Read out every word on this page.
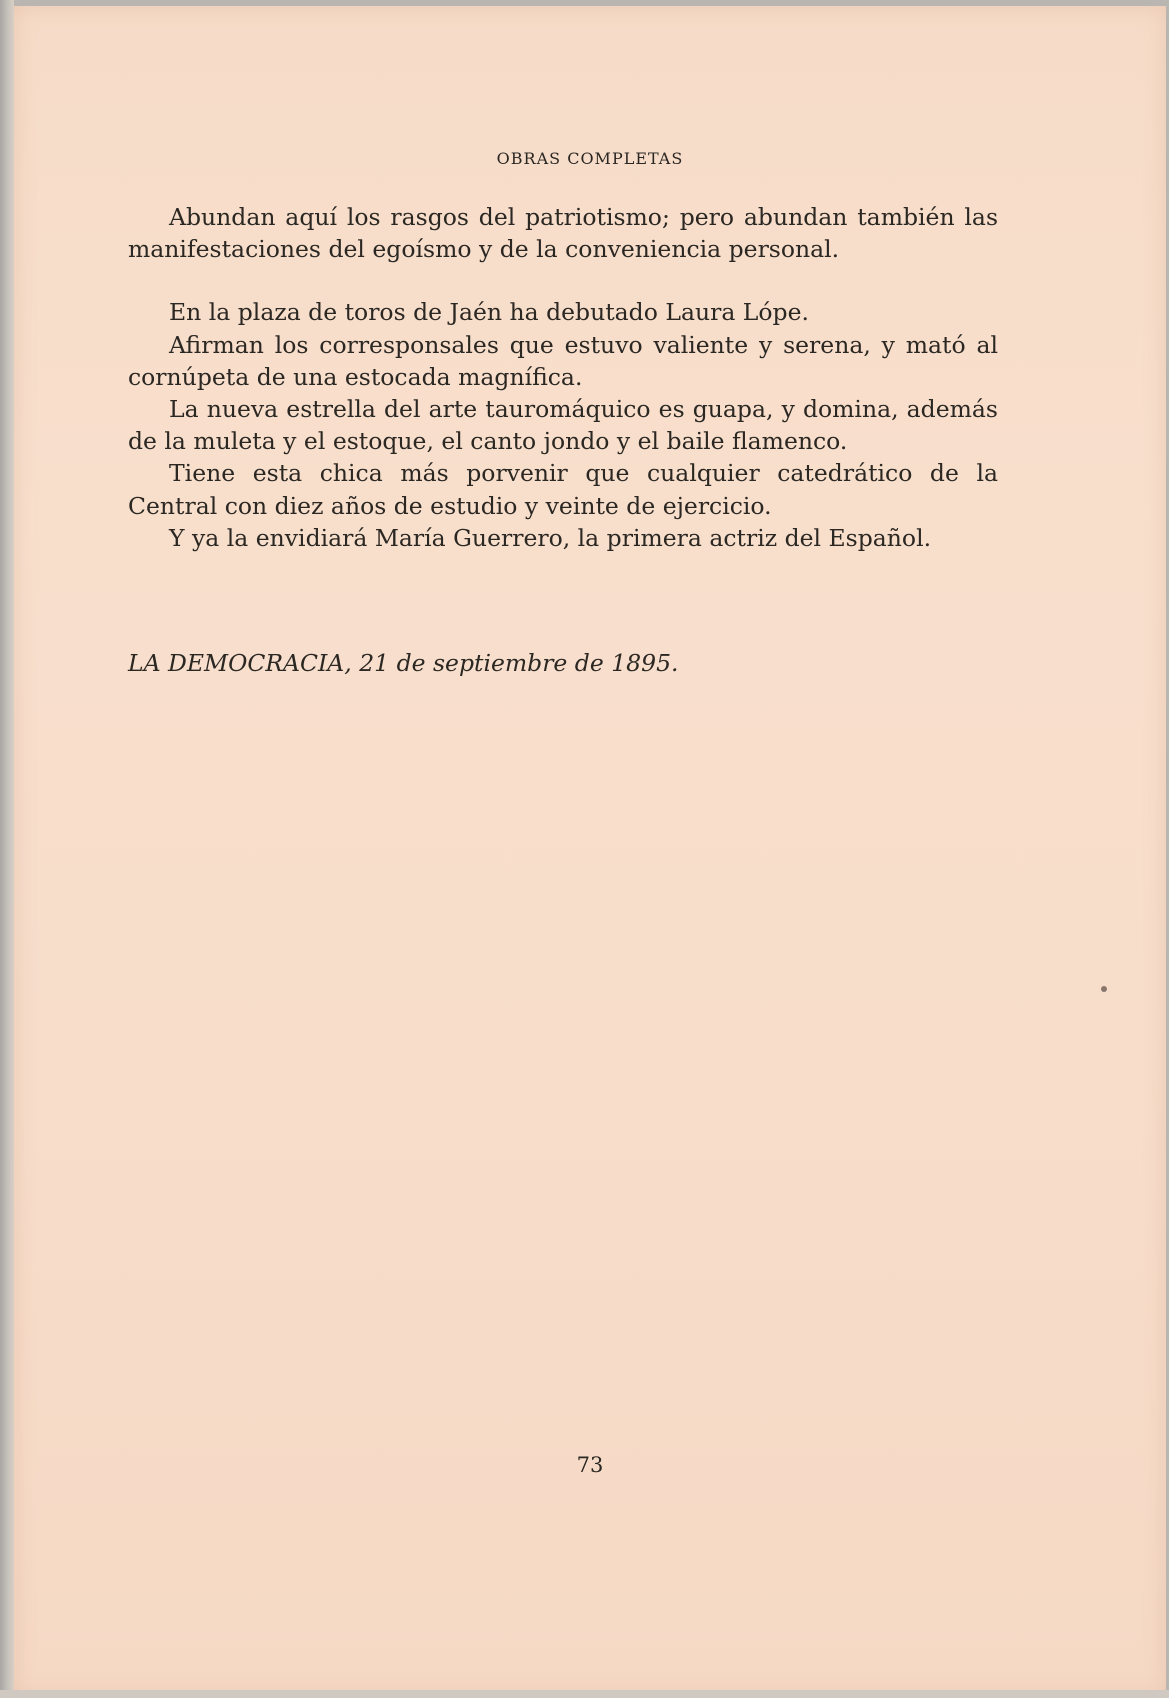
OBRAS COMPLETAS

Abundan aquí los rasgos del patriotismo; pero abundan también las manifestaciones del egoísmo y de la conveniencia personal.

En la plaza de toros de Jaén ha debutado Laura Lópe.

Afirman los corresponsales que estuvo valiente y serena, y mató al cornúpeta de una estocada magnífica.

La nueva estrella del arte tauromáquico es guapa, y domina, además de la muleta y el estoque, el canto jondo y el baile flamenco.

Tiene esta chica más porvenir que cualquier catedrático de la Central con diez años de estudio y veinte de ejercicio.

Y ya la envidiará María Guerrero, la primera actriz del Español.

LA DEMOCRACIA, 21 de septiembre de 1895.
73
